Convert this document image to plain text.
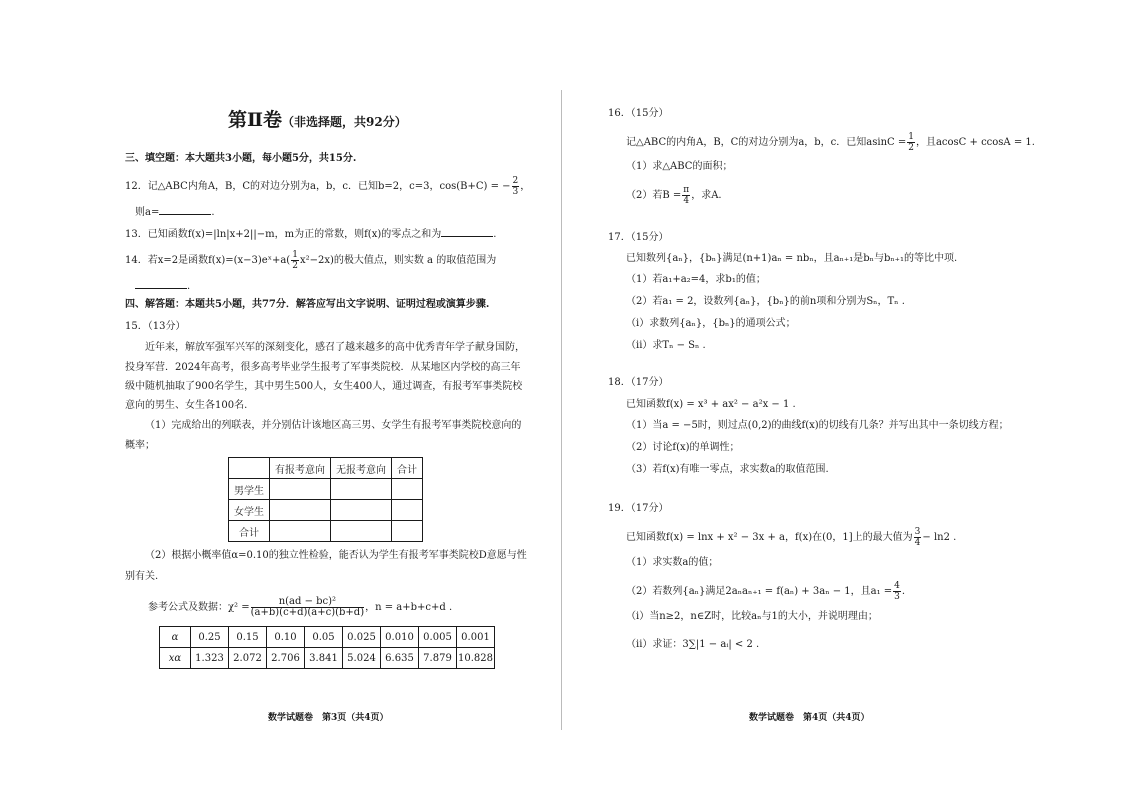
第Ⅱ卷（非选择题，共92分）
三、填空题：本大题共3小题，每小题5分，共15分.
12．记△ABC内角A，B，C的对边分别为a，b，c．已知b=2，c=3，cos(B+C) = − $\frac{2}{3}$ ，
则a=	.
13．已知函数f(x)=|ln|x+2||−m，m为正的常数，则f(x)的零点之和为	.
14．若x=2是函数f(x)=(x−3)eˣ+a( $\frac{1}{2} x^2-2x$)的极大值点，则实数 a 的取值范围为
.
四、解答题：本题共5小题，共77分．解答应写出文字说明、证明过程或演算步骤.
15．（13分）
近年来，解放军强军兴军的深刻变化，感召了越来越多的高中优秀青年学子献身国防，
投身军营．2024年高考，很多高考毕业学生报考了军事类院校．从某地区内学校的高三年
级中随机抽取了900名学生，其中男生500人，女生400人，通过调查，有报考军事类院校
意向的男生、女生各100名.
（1）完成给出的列联表，并分别估计该地区高三男、女学生有报考军事类院校意向的
概率；
	有报考意向	无报考意向	合计
男学生			
女学生			
合计			
（2）根据小概率值α=0.10的独立性检验，能否认为学生有报考军事类院校D意愿与性
别有关.
参考公式及数据：$\chi^2 = \frac{\text{n(ad − bc)²}}{(a+b)(c+d)(a+c)(b+d)}$ ，n = a+b+c+d .
α	0.25	0.15	0.10	0.05	0.025	0.010	0.005	0.001
xα	1.323	2.072	2.706	3.841	5.024	6.635	7.879	10.828
数学试题卷　第3页（共4页）
16．（15分）
记△ABC的内角A，B，C的对边分别为a，b，c．已知$asinC = \frac{1}{2}$ ，且acosC + ccosA = 1.
（1）求△ABC的面积；
（2）若$B = \frac{\pi}{4}$ ，求A.
17．（15分）
已知数列{aₙ}，{bₙ}满足(n+1)aₙ = nbₙ，且aₙ₊₁是bₙ与bₙ₊₁的等比中项.
（1）若a₁+a₂=4，求b₁的值；
（2）若a₁ = 2，设数列{aₙ}，{bₙ}的前n项和分别为Sₙ，Tₙ .
（i）求数列{aₙ}，{bₙ}的通项公式；
（ii）求Tₙ − Sₙ .
18．（17分）
已知函数f(x) = x³ + ax² − a²x − 1 .
（1）当a = −5时，则过点(0,2)的曲线f(x)的切线有几条？并写出其中一条切线方程；
（2）讨论f(x)的单调性；
（3）若f(x)有唯一零点，求实数a的取值范围.
19．（17分）
已知函数f(x) = lnx + x² − 3x + a，f(x)在(0，1]上的最大值为 $\frac{3}{4} - \ln 2$ .
（1）求实数a的值；
（2）若数列{aₙ}满足2aₙaₙ₊₁ = f(aₙ) + 3aₙ − 1，且$a_1 = \frac{4}{3}$ .
（i）当n≥2，n∈Z时，比较aₙ与1的大小，并说明理由；
（ii）求证：3∑|1 − aᵢ| < 2 .
数学试题卷　第4页（共4页）
